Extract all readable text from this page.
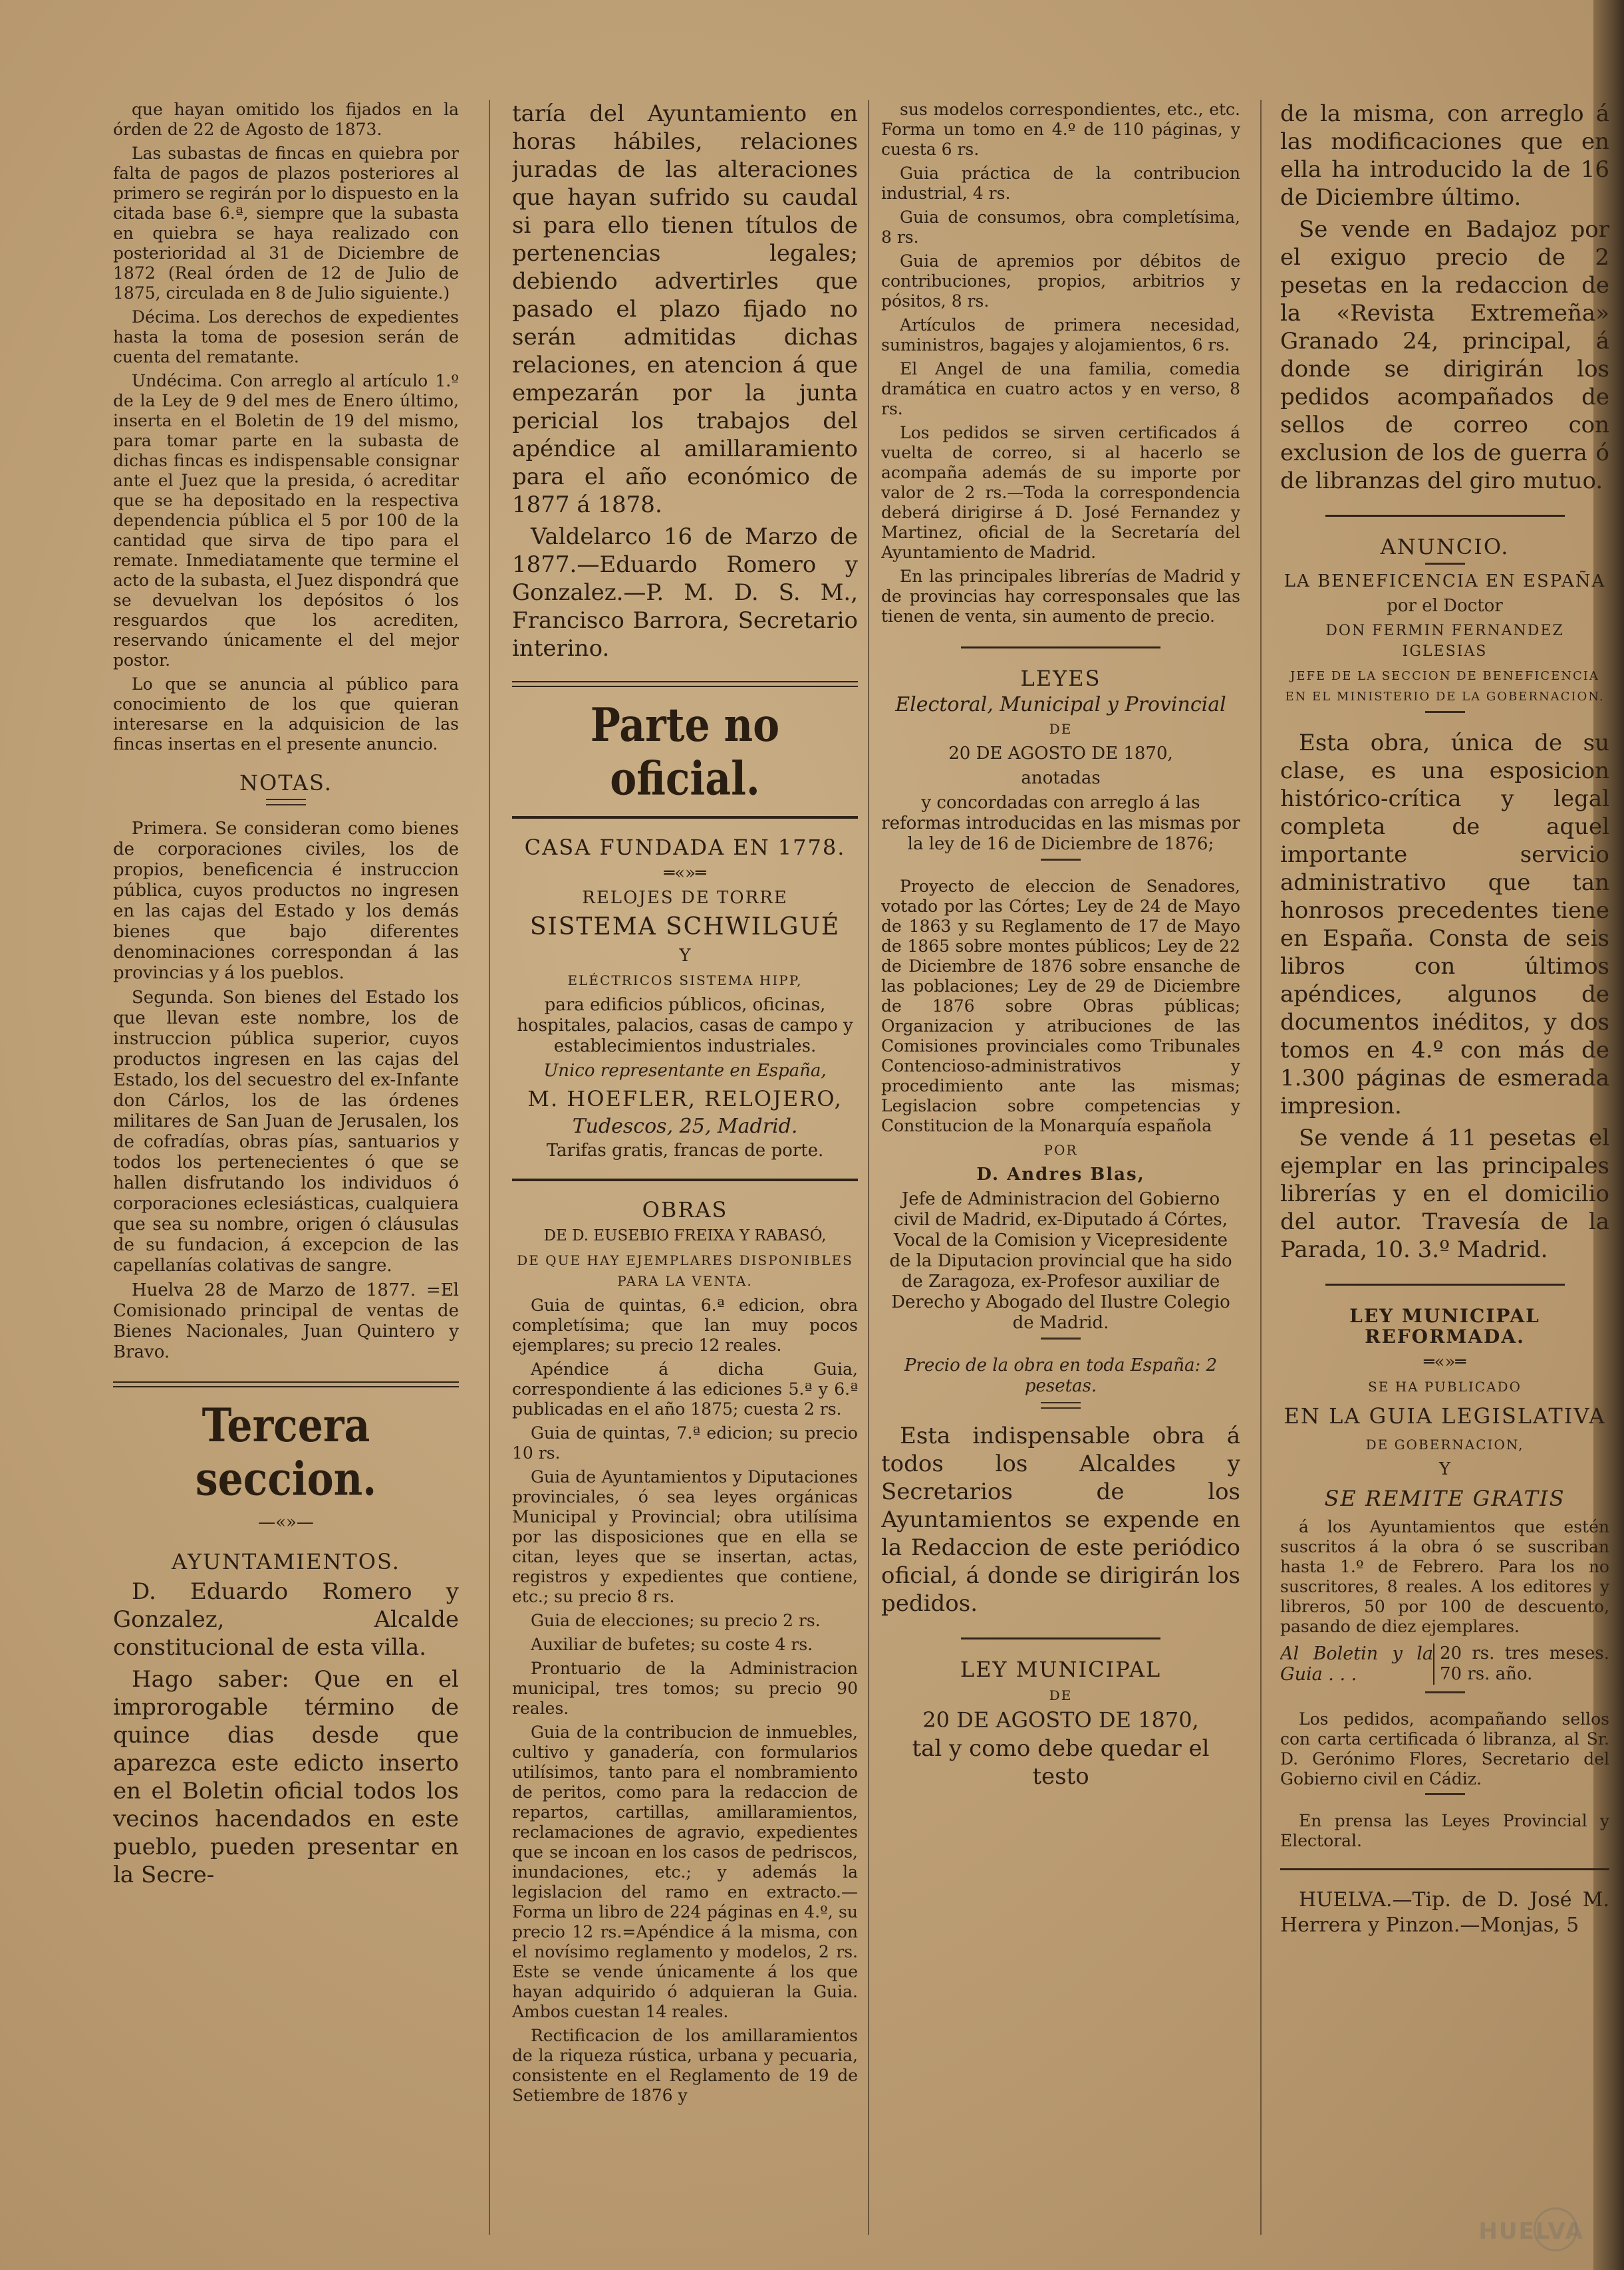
que hayan omitido los fijados en la órden de 22 de Agosto de 1873.

Las subastas de fincas en quiebra por falta de pagos de plazos posteriores al primero se regirán por lo dispuesto en la citada base 6.ª, siempre que la subasta en quiebra se haya realizado con posterioridad al 31 de Diciembre de 1872 (Real órden de 12 de Julio de 1875, circulada en 8 de Julio siguiente.)

Décima. Los derechos de expedientes hasta la toma de posesion serán de cuenta del rematante.

Undécima. Con arreglo al artículo 1.º de la Ley de 9 del mes de Enero último, inserta en el Boletin de 19 del mismo, para tomar parte en la subasta de dichas fincas es indispensable consignar ante el Juez que la presida, ó acreditar que se ha depositado en la respectiva dependencia pública el 5 por 100 de la cantidad que sirva de tipo para el remate. Inmediatamente que termine el acto de la subasta, el Juez dispondrá que se devuelvan los depósitos ó los resguardos que los acrediten, reservando únicamente el del mejor postor.

Lo que se anuncia al público para conocimiento de los que quieran interesarse en la adquisicion de las fincas insertas en el presente anuncio.

NOTAS.

Primera. Se consideran como bienes de corporaciones civiles, los de propios, beneficencia é instruccion pública, cuyos productos no ingresen en las cajas del Estado y los demás bienes que bajo diferentes denominaciones correspondan á las provincias y á los pueblos.

Segunda. Son bienes del Estado los que llevan este nombre, los de instruccion pública superior, cuyos productos ingresen en las cajas del Estado, los del secuestro del ex-Infante don Cárlos, los de las órdenes militares de San Juan de Jerusalen, los de cofradías, obras pías, santuarios y todos los pertenecientes ó que se hallen disfrutando los individuos ó corporaciones eclesiásticas, cualquiera que sea su nombre, origen ó cláusulas de su fundacion, á excepcion de las capellanías colativas de sangre.

Huelva 28 de Marzo de 1877. =El Comisionado principal de ventas de Bienes Nacionales, Juan Quintero y Bravo.

Tercera seccion.
—«»—
AYUNTAMIENTOS.

D. Eduardo Romero y Gonzalez, Alcalde constitucional de esta villa.

Hago saber: Que en el improrogable término de quince dias desde que aparezca este edicto inserto en el Boletin oficial todos los vecinos hacendados en este pueblo, pueden presentar en la Secre-

taría del Ayuntamiento en horas hábiles, relaciones juradas de las alteraciones que hayan sufrido su caudal si para ello tienen títulos de pertenencias legales; debiendo advertirles que pasado el plazo fijado no serán admitidas dichas relaciones, en atencion á que empezarán por la junta pericial los trabajos del apéndice al amillaramiento para el año económico de 1877 á 1878.

Valdelarco 16 de Marzo de 1877.—Eduardo Romero y Gonzalez.—P. M. D. S. M., Francisco Barrora, Secretario interino.

Parte no oficial.
CASA FUNDADA EN 1778.
═«»═
RELOJES DE TORRE
SISTEMA SCHWILGUÉ
Y
ELÉCTRICOS SISTEMA HIPP,

para edificios públicos, oficinas, hospitales, palacios, casas de campo y establecimientos industriales.

Unico representante en España,
M. HOEFLER, RELOJERO,
Tudescos, 25, Madrid.
Tarifas gratis, francas de porte.
OBRAS
DE D. EUSEBIO FREIXA Y RABASÓ,
DE QUE HAY EJEMPLARES DISPONIBLES PARA LA VENTA.

Guia de quintas, 6.ª edicion, obra completísima; que lan muy pocos ejemplares; su precio 12 reales.

Apéndice á dicha Guia, correspondiente á las ediciones 5.ª y 6.ª publicadas en el año 1875; cuesta 2 rs.

Guia de quintas, 7.ª edicion; su precio 10 rs.

Guia de Ayuntamientos y Diputaciones provinciales, ó sea leyes orgánicas Municipal y Provincial; obra utilísima por las disposiciones que en ella se citan, leyes que se insertan, actas, registros y expedientes que contiene, etc.; su precio 8 rs.

Guia de elecciones; su precio 2 rs.

Auxiliar de bufetes; su coste 4 rs.

Prontuario de la Administracion municipal, tres tomos; su precio 90 reales.

Guia de la contribucion de inmuebles, cultivo y ganadería, con formularios utilísimos, tanto para el nombramiento de peritos, como para la redaccion de repartos, cartillas, amillaramientos, reclamaciones de agravio, expedientes que se incoan en los casos de pedriscos, inundaciones, etc.; y además la legislacion del ramo en extracto.—Forma un libro de 224 páginas en 4.º, su precio 12 rs.=Apéndice á la misma, con el novísimo reglamento y modelos, 2 rs. Este se vende únicamente á los que hayan adquirido ó adquieran la Guia. Ambos cuestan 14 reales.

Rectificacion de los amillaramientos de la riqueza rústica, urbana y pecuaria, consistente en el Reglamento de 19 de Setiembre de 1876 y

sus modelos correspondientes, etc., etc. Forma un tomo en 4.º de 110 páginas, y cuesta 6 rs.

Guia práctica de la contribucion industrial, 4 rs.

Guia de consumos, obra completísima, 8 rs.

Guia de apremios por débitos de contribuciones, propios, arbitrios y pósitos, 8 rs.

Artículos de primera necesidad, suministros, bagajes y alojamientos, 6 rs.

El Angel de una familia, comedia dramática en cuatro actos y en verso, 8 rs.

Los pedidos se sirven certificados á vuelta de correo, si al hacerlo se acompaña además de su importe por valor de 2 rs.—Toda la correspondencia deberá dirigirse á D. José Fernandez y Martinez, oficial de la Secretaría del Ayuntamiento de Madrid.

En las principales librerías de Madrid y de provincias hay corresponsales que las tienen de venta, sin aumento de precio.

LEYES
Electoral, Municipal y Provincial
DE
20 DE AGOSTO DE 1870,
anotadas

y concordadas con arreglo á las reformas introducidas en las mismas por la ley de 16 de Diciembre de 1876;

Proyecto de eleccion de Senadores, votado por las Córtes; Ley de 24 de Mayo de 1863 y su Reglamento de 17 de Mayo de 1865 sobre montes públicos; Ley de 22 de Diciembre de 1876 sobre ensanche de las poblaciones; Ley de 29 de Diciembre de 1876 sobre Obras públicas; Organizacion y atribuciones de las Comisiones provinciales como Tribunales Contencioso-administrativos y procedimiento ante las mismas; Legislacion sobre competencias y Constitucion de la Monarquía española

POR
D. Andres Blas,

Jefe de Administracion del Gobierno civil de Madrid, ex-Diputado á Córtes, Vocal de la Comision y Vicepresidente de la Diputacion provincial que ha sido de Zaragoza, ex-Profesor auxiliar de Derecho y Abogado del Ilustre Colegio de Madrid.

Precio de la obra en toda España: 2 pesetas.

Esta indispensable obra á todos los Alcaldes y Secretarios de los Ayuntamientos se expende en la Redaccion de este periódico oficial, á donde se dirigirán los pedidos.

LEY MUNICIPAL
DE
20 DE AGOSTO DE 1870,

tal y como debe quedar el testo

de la misma, con arreglo á las modificaciones que en ella ha introducido la de 16 de Diciembre último.

Se vende en Badajoz por el exiguo precio de 2 pesetas en la redaccion de la «Revista Extremeña» Granado 24, principal, á donde se dirigirán los pedidos acompañados de sellos de correo con exclusion de los de guerra ó de libranzas del giro mutuo.

ANUNCIO.
LA BENEFICENCIA EN ESPAÑA
por el Doctor
DON FERMIN FERNANDEZ IGLESIAS
JEFE DE LA SECCION DE BENEFICENCIA EN EL MINISTERIO DE LA GOBERNACION.

Esta obra, única de su clase, es una esposicion histórico-crítica y legal completa de aquel importante servicio administrativo que tan honrosos precedentes tiene en España. Consta de seis libros con últimos apéndices, algunos de documentos inéditos, y dos tomos en 4.º con más de 1.300 páginas de esmerada impresion.

Se vende á 11 pesetas el ejemplar en las principales librerías y en el domicilio del autor. Travesía de la Parada, 10. 3.º Madrid.

LEY MUNICIPAL REFORMADA.
═«»═
SE HA PUBLICADO
EN LA GUIA LEGISLATIVA
DE GOBERNACION,
Y
SE REMITE GRATIS

á los Ayuntamientos que estén suscritos á la obra ó se suscriban hasta 1.º de Febrero. Para los no suscritores, 8 reales. A los editores y libreros, 50 por 100 de descuento, pasando de diez ejemplares.

Al Boletin y la Guia . . .
20 rs. tres meses. 70 rs. año.

Los pedidos, acompañando sellos con carta certificada ó libranza, al Sr. D. Gerónimo Flores, Secretario del Gobierno civil en Cádiz.

En prensa las Leyes Provincial y Electoral.

HUELVA.—Tip. de D. José M. Herrera y Pinzon.—Monjas, 5

HUELVA
